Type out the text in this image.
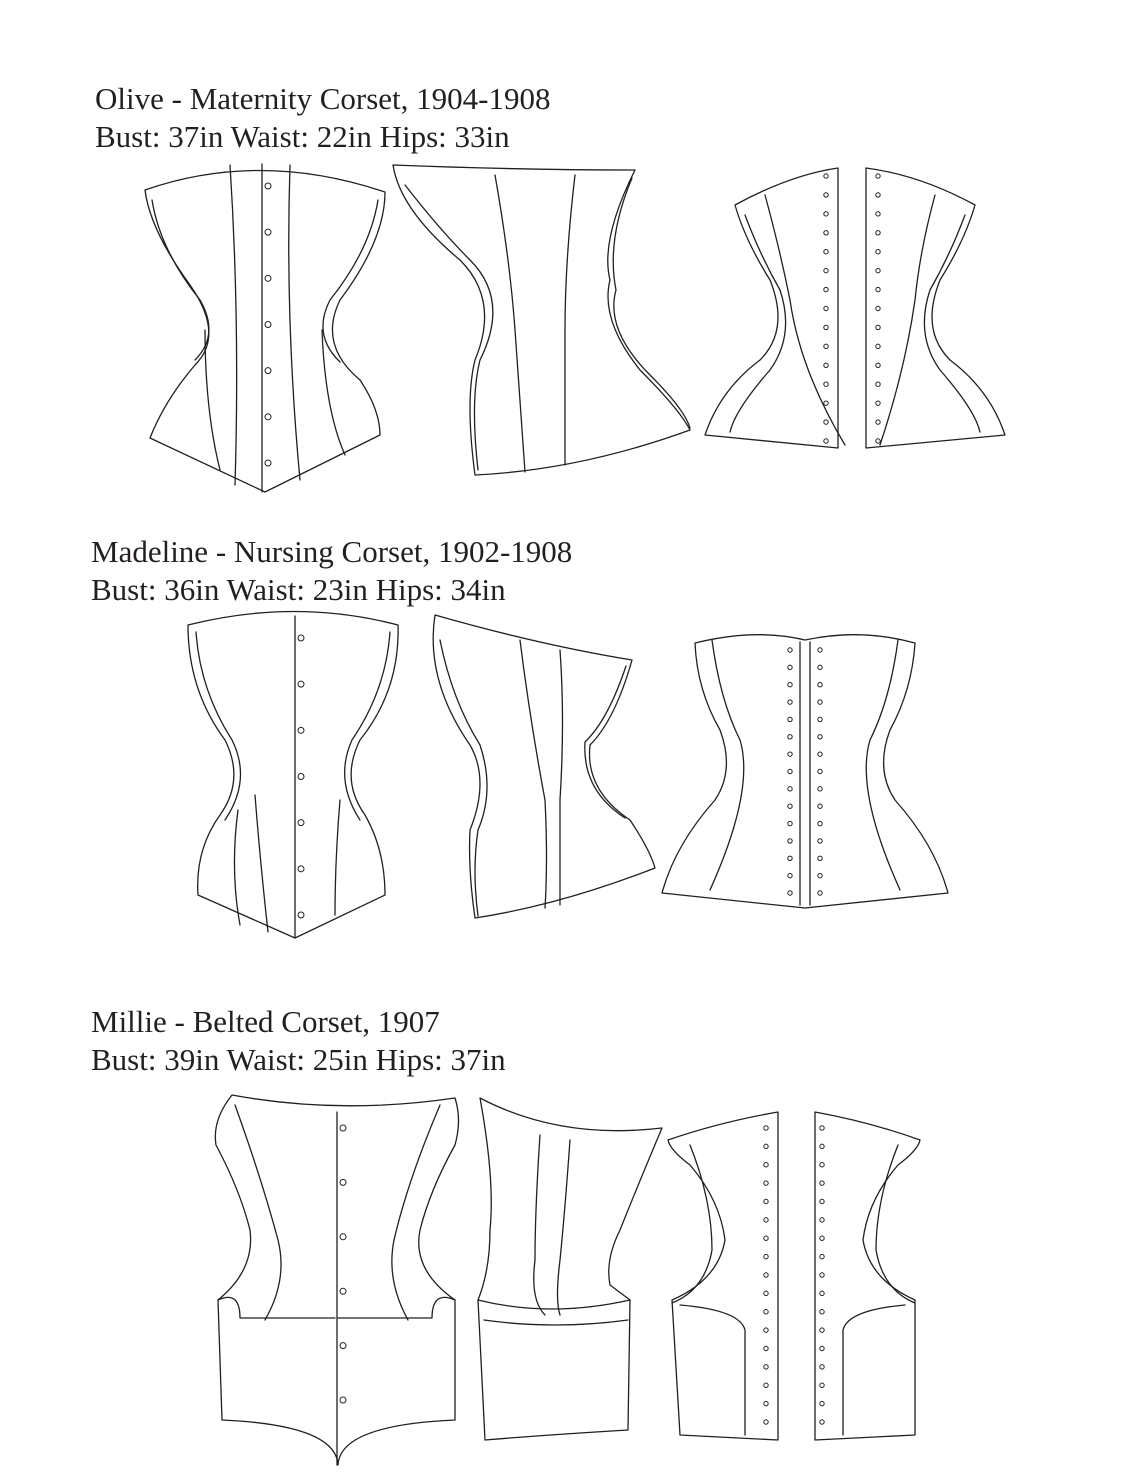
Olive - Maternity Corset, 1904-1908

Bust: 37in Waist: 22in Hips: 33in

Madeline - Nursing Corset, 1902-1908

Bust: 36in Waist: 23in Hips: 34in

Millie - Belted Corset, 1907

Bust: 39in Waist: 25in Hips: 37in
